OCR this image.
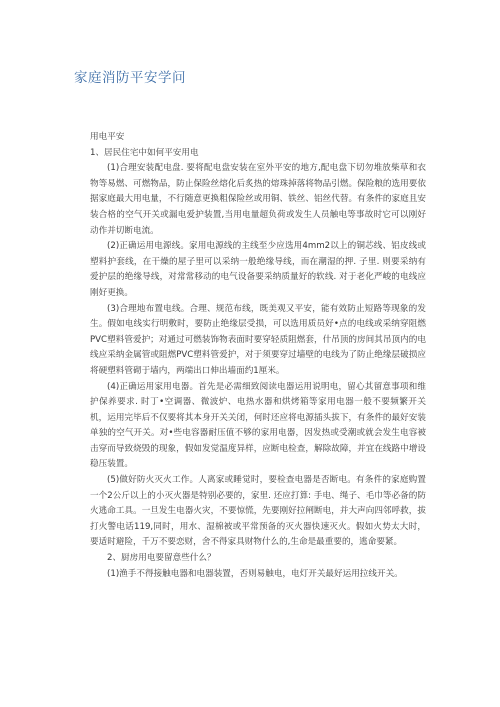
家庭消防平安学问

用电平安

1、居民住宅中如何平安用电

(1)合理安装配电盘. 要将配电盘安装在室外平安的地方,配电盘下切勿堆放柴草和衣物等易燃、可燃物品，防止保险丝熔化后炙热的熔珠掉落将物品引燃。保险粮的选用要依据家庭最大用电量，不行随意更换粗保险丝或用铜、铁丝、铝丝代替。有条件的家庭且安装合格的空气开关或漏电爱护装置,当用电量超负荷或发生人员触电等事故时它可以刚好动作并切断电流。

(2)正确运用电源线。家用电源线的主线至少应选用4mm2以上的铜芯线、铝皮线或塑料护套线，在干燥的屋子里可以采纳一般绝缘导线，而在潮湿的押. 子里. 则要采纳有爱护层的绝缘导线，对常常移动的电气设备要采纳质量好的软线. 对于老化严峻的电线应刚好更换。

(3)合理地布置电线。合理、规范布线，既美观又平安，能有效防止短路等现象的发生。假如电线实行明敷时，要防止绝缘层受损，可以选用质员好•点的电线或采纳穿阻燃PVC塑料管爱护；对通过可燃装饰物表面时要穿轻质阻燃套，什吊顶的房间其吊顶内的电线应采纳金属管或阻燃PVC塑料管爱护，对于须要穿过墙壁的电线为了防止绝缘层破损应将硬塑料管砌于墙内，两端出口伸出墙面约1厘米。

(4)正确运用家用电器。首先是必需细致阅读电器运用说明电，留心其留意事项和维护保养要求. 时丁•空调器、微波炉、电热水器和烘烤箱等家用电器一般不要频繁开关机，运用完毕后不仅要将其本身开关关闭，何时还应将电源插头拔下，有条件的最好安装单独的空气开关。对•些电容器耐压值不够的家用电器，因发热或受潮或就会发生电容被击穿而导致烧毁的现象，假如发觉温度异样，应断电检查，解除故障，并宜在线路中增设稳压装置。

(5)做好防火灭火工作。人离家或睡觉时，要检查电器是否断电。有条件的家庭购置一个2公斤以上的小灭火器是特别必要的，家里. 还应打算: 手电、绳子、毛巾等必备的防火逃命工具。一旦发生电器火灾，不要惊慌，先要刚好拉闸断电，并大声向四邻呼救，拔打火警电话119,同时，用水、湿棉被或平常预备的灭火器快速灭火。假如火势太大时，要适时避险，千万不要恋财，舍不得家具财物什么的,生命是最重要的，逃命要紧。

2、厨房用电要留意些什么？

(1)渔手不得接触电器和电器装置，否则易触电，电灯开关最好运用拉线开关。
